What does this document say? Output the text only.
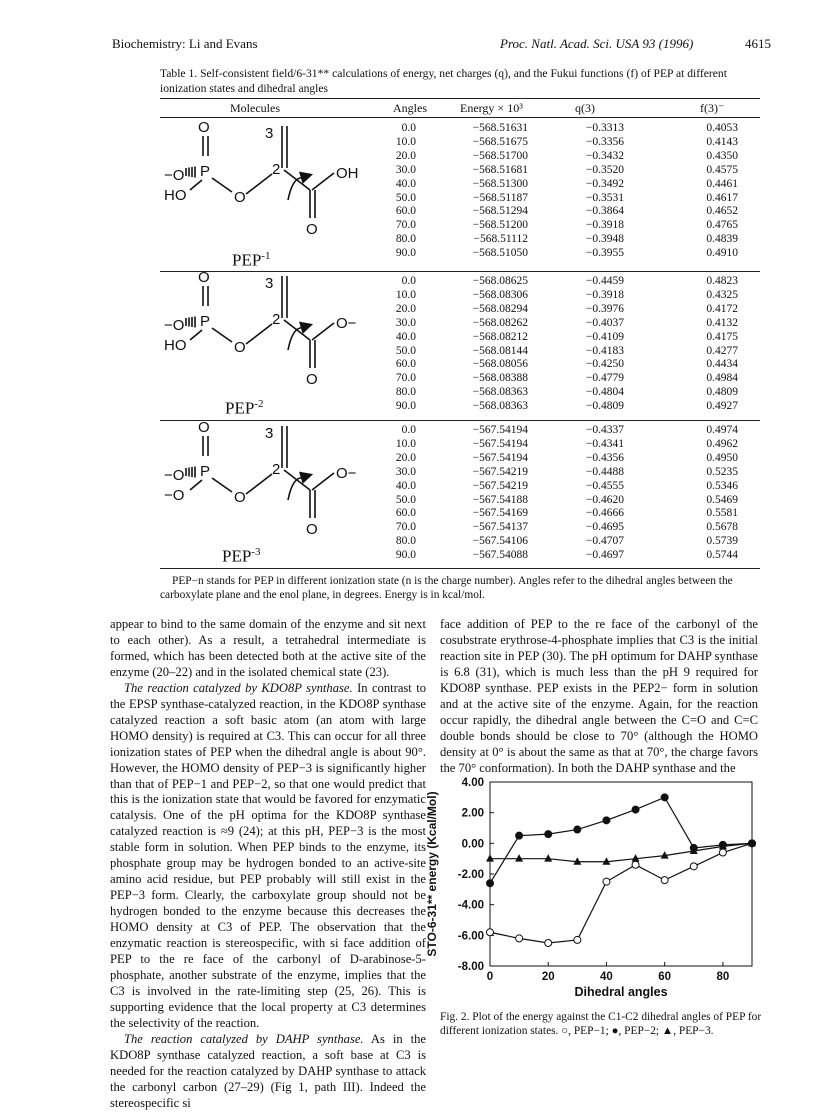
Biochemistry: Li and Evans	Proc. Natl. Acad. Sci. USA 93 (1996)	4615
Table 1. Self-consistent field/6-31** calculations of energy, net charges (q), and the Fukui functions (f) of PEP at different ionization states and dihedral angles
Molecules	Angles	Energy × 10³	q(3)	f(3)⁻
0.0	−568.51631	−0.3313	0.4053
10.0	−568.51675	−0.3356	0.4143
20.0	−568.51700	−0.3432	0.4350
30.0	−568.51681	−0.3520	0.4575
40.0	−568.51300	−0.3492	0.4461
50.0	−568.51187	−0.3531	0.4617
60.0	−568.51294	−0.3864	0.4652
70.0	−568.51200	−0.3918	0.4765
80.0	−568.51112	−0.3948	0.4839
90.0	−568.51050	−0.3955	0.4910
0.0	−568.08625	−0.4459	0.4823
10.0	−568.08306	−0.3918	0.4325
20.0	−568.08294	−0.3976	0.4172
30.0	−568.08262	−0.4037	0.4132
40.0	−568.08212	−0.4109	0.4175
50.0	−568.08144	−0.4183	0.4277
60.0	−568.08056	−0.4250	0.4434
70.0	−568.08388	−0.4779	0.4984
80.0	−568.08363	−0.4804	0.4809
90.0	−568.08363	−0.4809	0.4927
0.0	−567.54194	−0.4337	0.4974
10.0	−567.54194	−0.4341	0.4962
20.0	−567.54194	−0.4356	0.4950
30.0	−567.54219	−0.4488	0.5235
40.0	−567.54219	−0.4555	0.5346
50.0	−567.54188	−0.4620	0.5469
60.0	−567.54169	−0.4666	0.5581
70.0	−567.54137	−0.4695	0.5678
80.0	−567.54106	−0.4707	0.5739
90.0	−567.54088	−0.4697	0.5744
O
P
−O
HO	O
2
3
OH
O
O
P
−O
HO	O
2
3
O−
O
O
P
−O
−O	O
2
3
O−
O
$PEP^{-1}$
$PEP^{-2}$
$PEP^{-3}$
PEP−n stands for PEP in different ionization state (n is the charge number). Angles refer to the dihedral angles between the carboxylate plane and the enol plane, in degrees. Energy is in kcal/mol.

appear to bind to the same domain of the enzyme and sit next to each other). As a result, a tetrahedral intermediate is formed, which has been detected both at the active site of the enzyme (20–22) and in the isolated chemical state (23).

The reaction catalyzed by KDO8P synthase. In contrast to the EPSP synthase-catalyzed reaction, in the KDO8P synthase catalyzed reaction a soft basic atom (an atom with large HOMO density) is required at C3. This can occur for all three ionization states of PEP when the dihedral angle is about 90°. However, the HOMO density of PEP−3 is significantly higher than that of PEP−1 and PEP−2, so that one would predict that this is the ionization state that would be favored for enzymatic catalysis. One of the pH optima for the KDO8P synthase catalyzed reaction is ≈9 (24); at this pH, PEP−3 is the most stable form in solution. When PEP binds to the enzyme, its phosphate group may be hydrogen bonded to an active-site amino acid residue, but PEP probably will still exist in the PEP−3 form. Clearly, the carboxylate group should not be hydrogen bonded to the enzyme because this decreases the HOMO density at C3 of PEP. The observation that the enzymatic reaction is stereospecific, with si face addition of PEP to the re face of the carbonyl of D-arabinose-5-phosphate, another substrate of the enzyme, implies that the C3 is involved in the rate-limiting step (25, 26). This is supporting evidence that the local property at C3 determines the selectivity of the reaction.

The reaction catalyzed by DAHP synthase. As in the KDO8P synthase catalyzed reaction, a soft base at C3 is needed for the reaction catalyzed by DAHP synthase to attack the carbonyl carbon (27–29) (Fig 1, path III). Indeed the stereospecific si

face addition of PEP to the re face of the carbonyl of the cosubstrate erythrose-4-phosphate implies that C3 is the initial reaction site in PEP (30). The pH optimum for DAHP synthase is 6.8 (31), which is much less than the pH 9 required for KDO8P synthase. PEP exists in the PEP2− form in solution and at the active site of the enzyme. Again, for the reaction occur rapidly, the dihedral angle between the C=O and C=C double bonds should be close to 70° (although the HOMO density at 0° is about the same as that at 70°, the charge favors the 70° conformation). In both the DAHP synthase and the

4.00
2.00
0.00
-2.00
-4.00
-6.00
-8.00
0	20	40	60	80
Dihedral angles
STO-6-31** energy (Kcal/Mol)
Fig. 2. Plot of the energy against the C1-C2 dihedral angles of PEP for different ionization states. ○, PEP−1; ●, PEP−2; ▲, PEP−3.
